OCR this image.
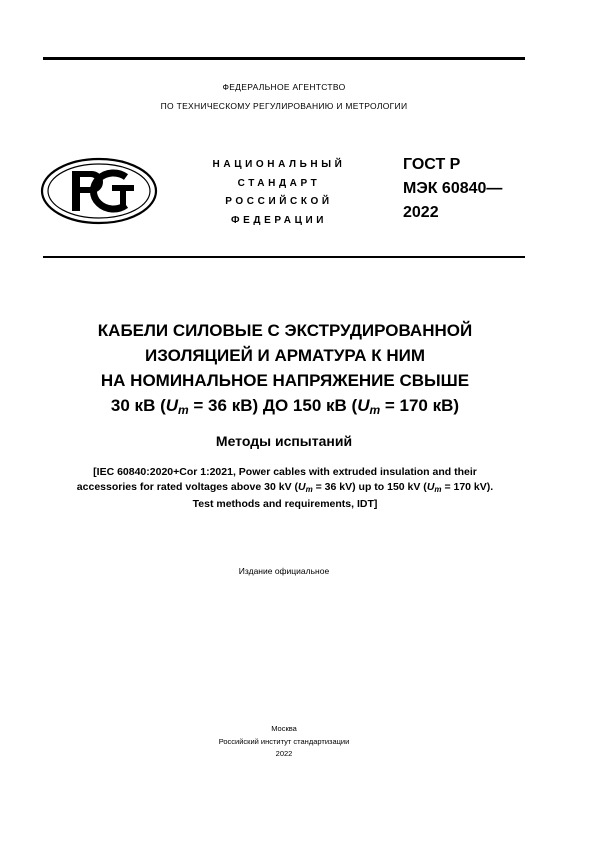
ФЕДЕРАЛЬНОЕ АГЕНТСТВО
ПО ТЕХНИЧЕСКОМУ РЕГУЛИРОВАНИЮ И МЕТРОЛОГИИ
НАЦИОНАЛЬНЫЙ
СТАНДАРТ
РОССИЙСКОЙ
ФЕДЕРАЦИИ
ГОСТ Р
МЭК 60840—
2022
КАБЕЛИ СИЛОВЫЕ С ЭКСТРУДИРОВАННОЙ
ИЗОЛЯЦИЕЙ И АРМАТУРА К НИМ
НА НОМИНАЛЬНОЕ НАПРЯЖЕНИЕ СВЫШЕ
30 кВ ($U_m = 36$ кВ) ДО 150 кВ ($U_m = 170$ кВ)
Методы испытаний
[IEC 60840:2020+Cor 1:2021, Power cables with extruded insulation and their
accessories for rated voltages above 30 kV ($U_m = 36$ kV) up to 150 kV ($U_m = 170$ kV).
Test methods and requirements, IDT]
Издание официальное
Москва
Российский институт стандартизации
2022
